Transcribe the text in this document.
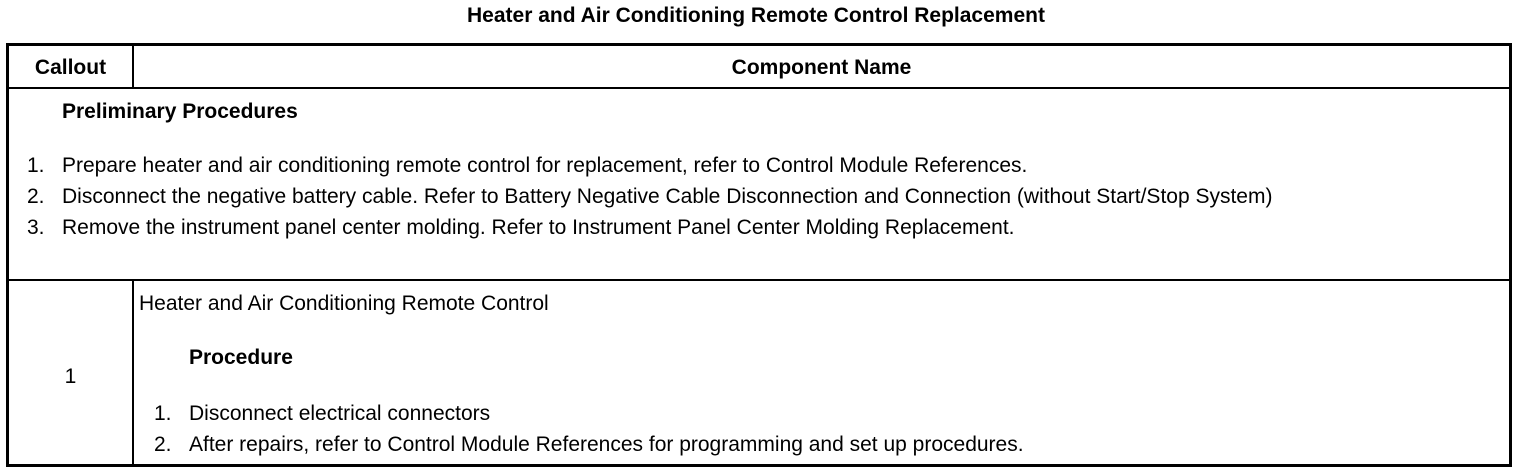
Heater and Air Conditioning Remote Control Replacement
Callout	Component Name
Preliminary Procedures
1. Prepare heater and air conditioning remote control for replacement, refer to Control Module References.
2. Disconnect the negative battery cable. Refer to Battery Negative Cable Disconnection and Connection (without Start/Stop System)
3. Remove the instrument panel center molding. Refer to Instrument Panel Center Molding Replacement.
1
Heater and Air Conditioning Remote Control
Procedure
1. Disconnect electrical connectors
2. After repairs, refer to Control Module References for programming and set up procedures.
